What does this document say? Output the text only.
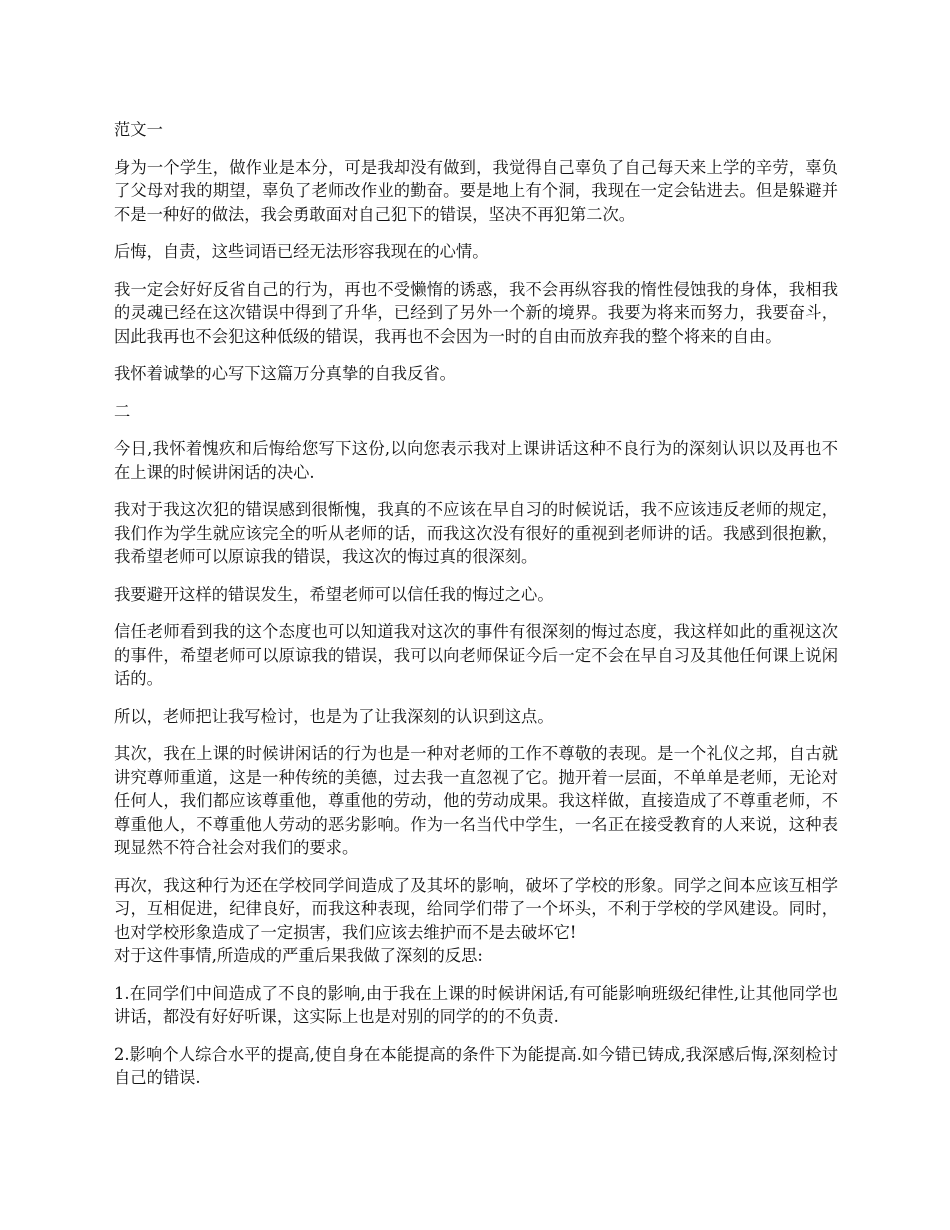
范文一

身为一个学生，做作业是本分，可是我却没有做到，我觉得自己辜负了自己每天来上学的辛劳，辜负了父母对我的期望，辜负了老师改作业的勤奋。要是地上有个洞，我现在一定会钻进去。但是躲避并不是一种好的做法，我会勇敢面对自己犯下的错误，坚决不再犯第二次。

后悔，自责，这些词语已经无法形容我现在的心情。

我一定会好好反省自己的行为，再也不受懒惰的诱惑，我不会再纵容我的惰性侵蚀我的身体，我相我的灵魂已经在这次错误中得到了升华，已经到了另外一个新的境界。我要为将来而努力，我要奋斗，因此我再也不会犯这种低级的错误，我再也不会因为一时的自由而放弃我的整个将来的自由。

我怀着诚挚的心写下这篇万分真挚的自我反省。

二

今日,我怀着愧疚和后悔给您写下这份,以向您表示我对上课讲话这种不良行为的深刻认识以及再也不在上课的时候讲闲话的决心.

我对于我这次犯的错误感到很惭愧，我真的不应该在早自习的时候说话，我不应该违反老师的规定，我们作为学生就应该完全的听从老师的话，而我这次没有很好的重视到老师讲的话。我感到很抱歉，我希望老师可以原谅我的错误，我这次的悔过真的很深刻。

我要避开这样的错误发生，希望老师可以信任我的悔过之心。

信任老师看到我的这个态度也可以知道我对这次的事件有很深刻的悔过态度，我这样如此的重视这次的事件，希望老师可以原谅我的错误，我可以向老师保证今后一定不会在早自习及其他任何课上说闲话的。

所以，老师把让我写检讨，也是为了让我深刻的认识到这点。

其次，我在上课的时候讲闲话的行为也是一种对老师的工作不尊敬的表现。是一个礼仪之邦，自古就讲究尊师重道，这是一种传统的美德，过去我一直忽视了它。抛开着一层面，不单单是老师，无论对任何人，我们都应该尊重他，尊重他的劳动，他的劳动成果。我这样做，直接造成了不尊重老师，不尊重他人，不尊重他人劳动的恶劣影响。作为一名当代中学生，一名正在接受教育的人来说，这种表现显然不符合社会对我们的要求。

再次，我这种行为还在学校同学间造成了及其坏的影响，破坏了学校的形象。同学之间本应该互相学习，互相促进，纪律良好，而我这种表现，给同学们带了一个坏头，不利于学校的学风建设。同时，也对学校形象造成了一定损害，我们应该去维护而不是去破坏它!

对于这件事情,所造成的严重后果我做了深刻的反思:

1.在同学们中间造成了不良的影响,由于我在上课的时候讲闲话,有可能影响班级纪律性,让其他同学也讲话，都没有好好听课，这实际上也是对别的同学的的不负责.

2.影响个人综合水平的提高,使自身在本能提高的条件下为能提高.如今错已铸成,我深感后悔,深刻检讨自己的错误.
